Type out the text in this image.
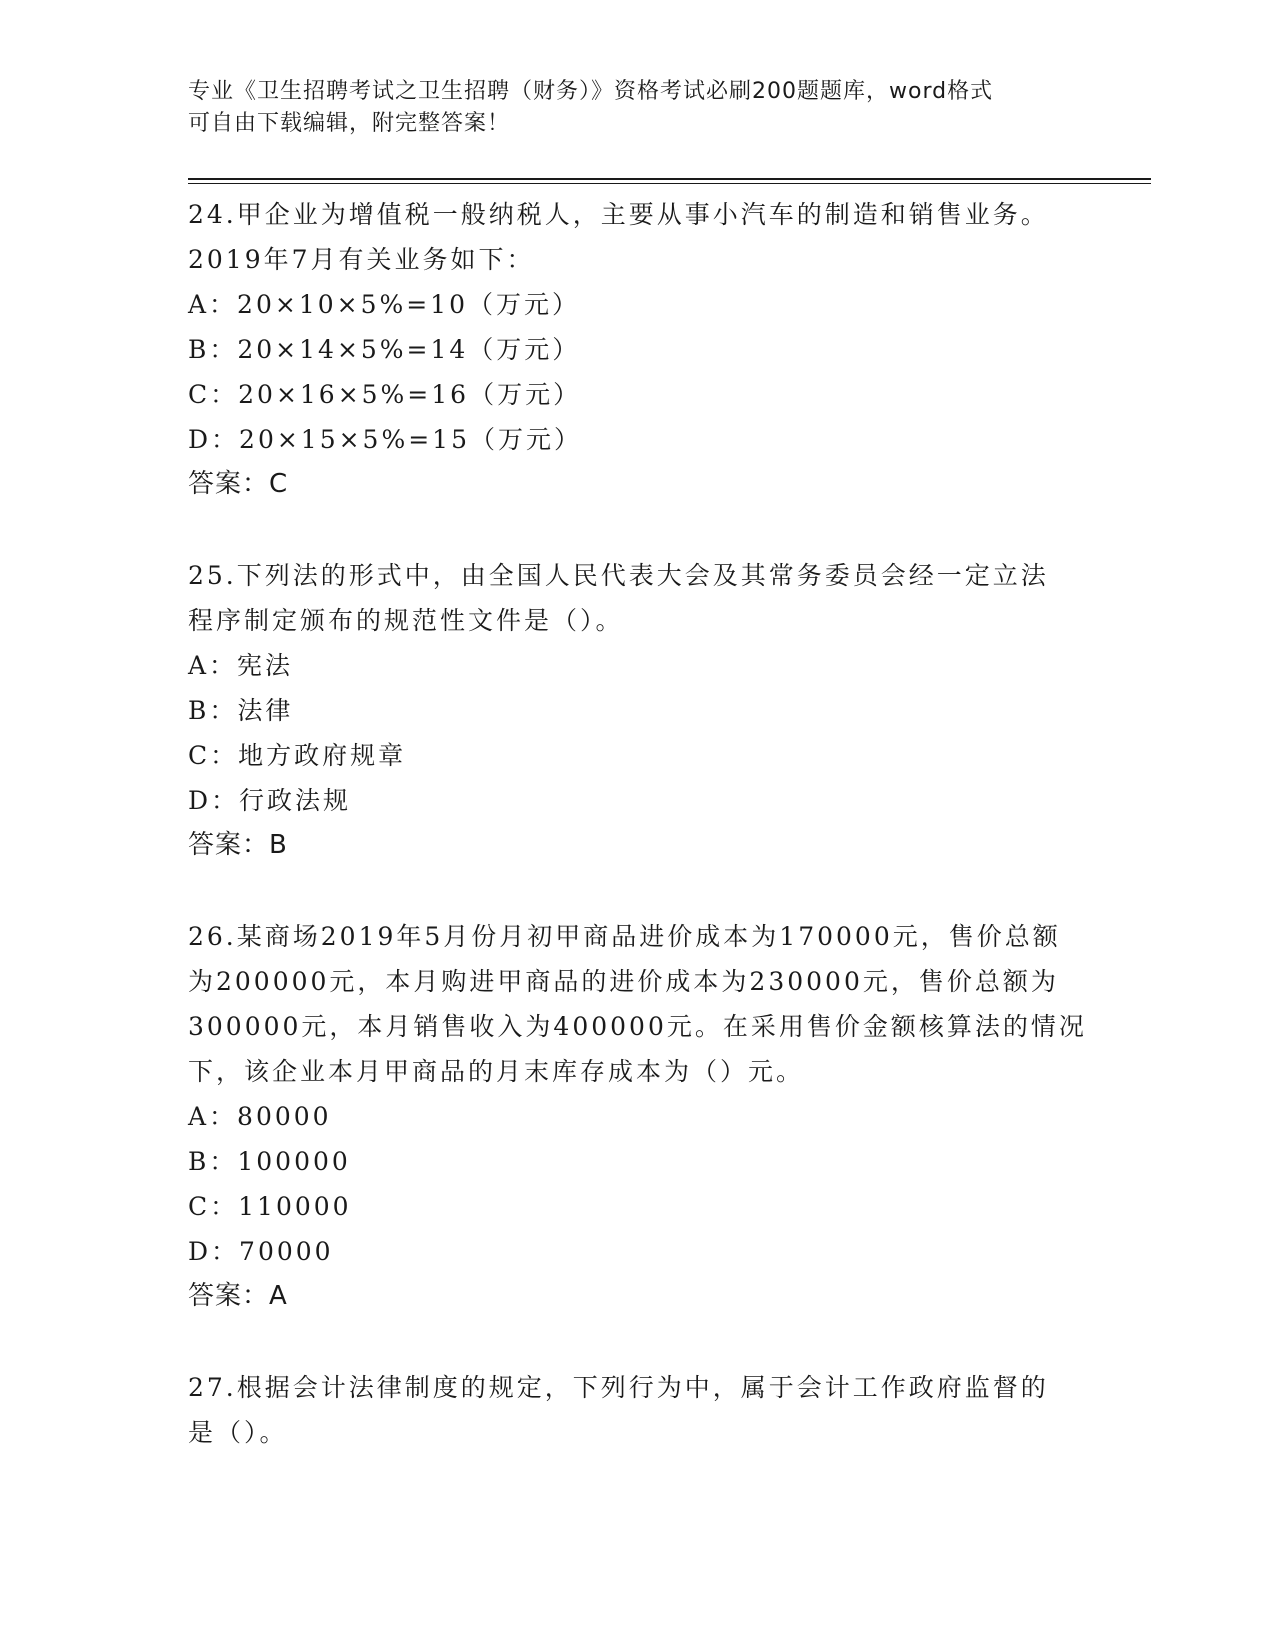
专业《卫生招聘考试之卫生招聘（财务）》资格考试必刷200题题库，word格式
可自由下载编辑，附完整答案！
24.甲企业为增值税一般纳税人，主要从事小汽车的制造和销售业务。
2019年7月有关业务如下：
A：20×10×5%=10（万元）
B：20×14×5%=14（万元）
C：20×16×5%=16（万元）
D：20×15×5%=15（万元）
答案：C
25.下列法的形式中，由全国人民代表大会及其常务委员会经一定立法
程序制定颁布的规范性文件是（）。
A：宪法
B：法律
C：地方政府规章
D：行政法规
答案：B
26.某商场2019年5月份月初甲商品进价成本为170000元，售价总额
为200000元，本月购进甲商品的进价成本为230000元，售价总额为
300000元，本月销售收入为400000元。在采用售价金额核算法的情况
下，该企业本月甲商品的月末库存成本为（）元。
A：80000
B：100000
C：110000
D：70000
答案：A
27.根据会计法律制度的规定，下列行为中，属于会计工作政府监督的
是（）。
